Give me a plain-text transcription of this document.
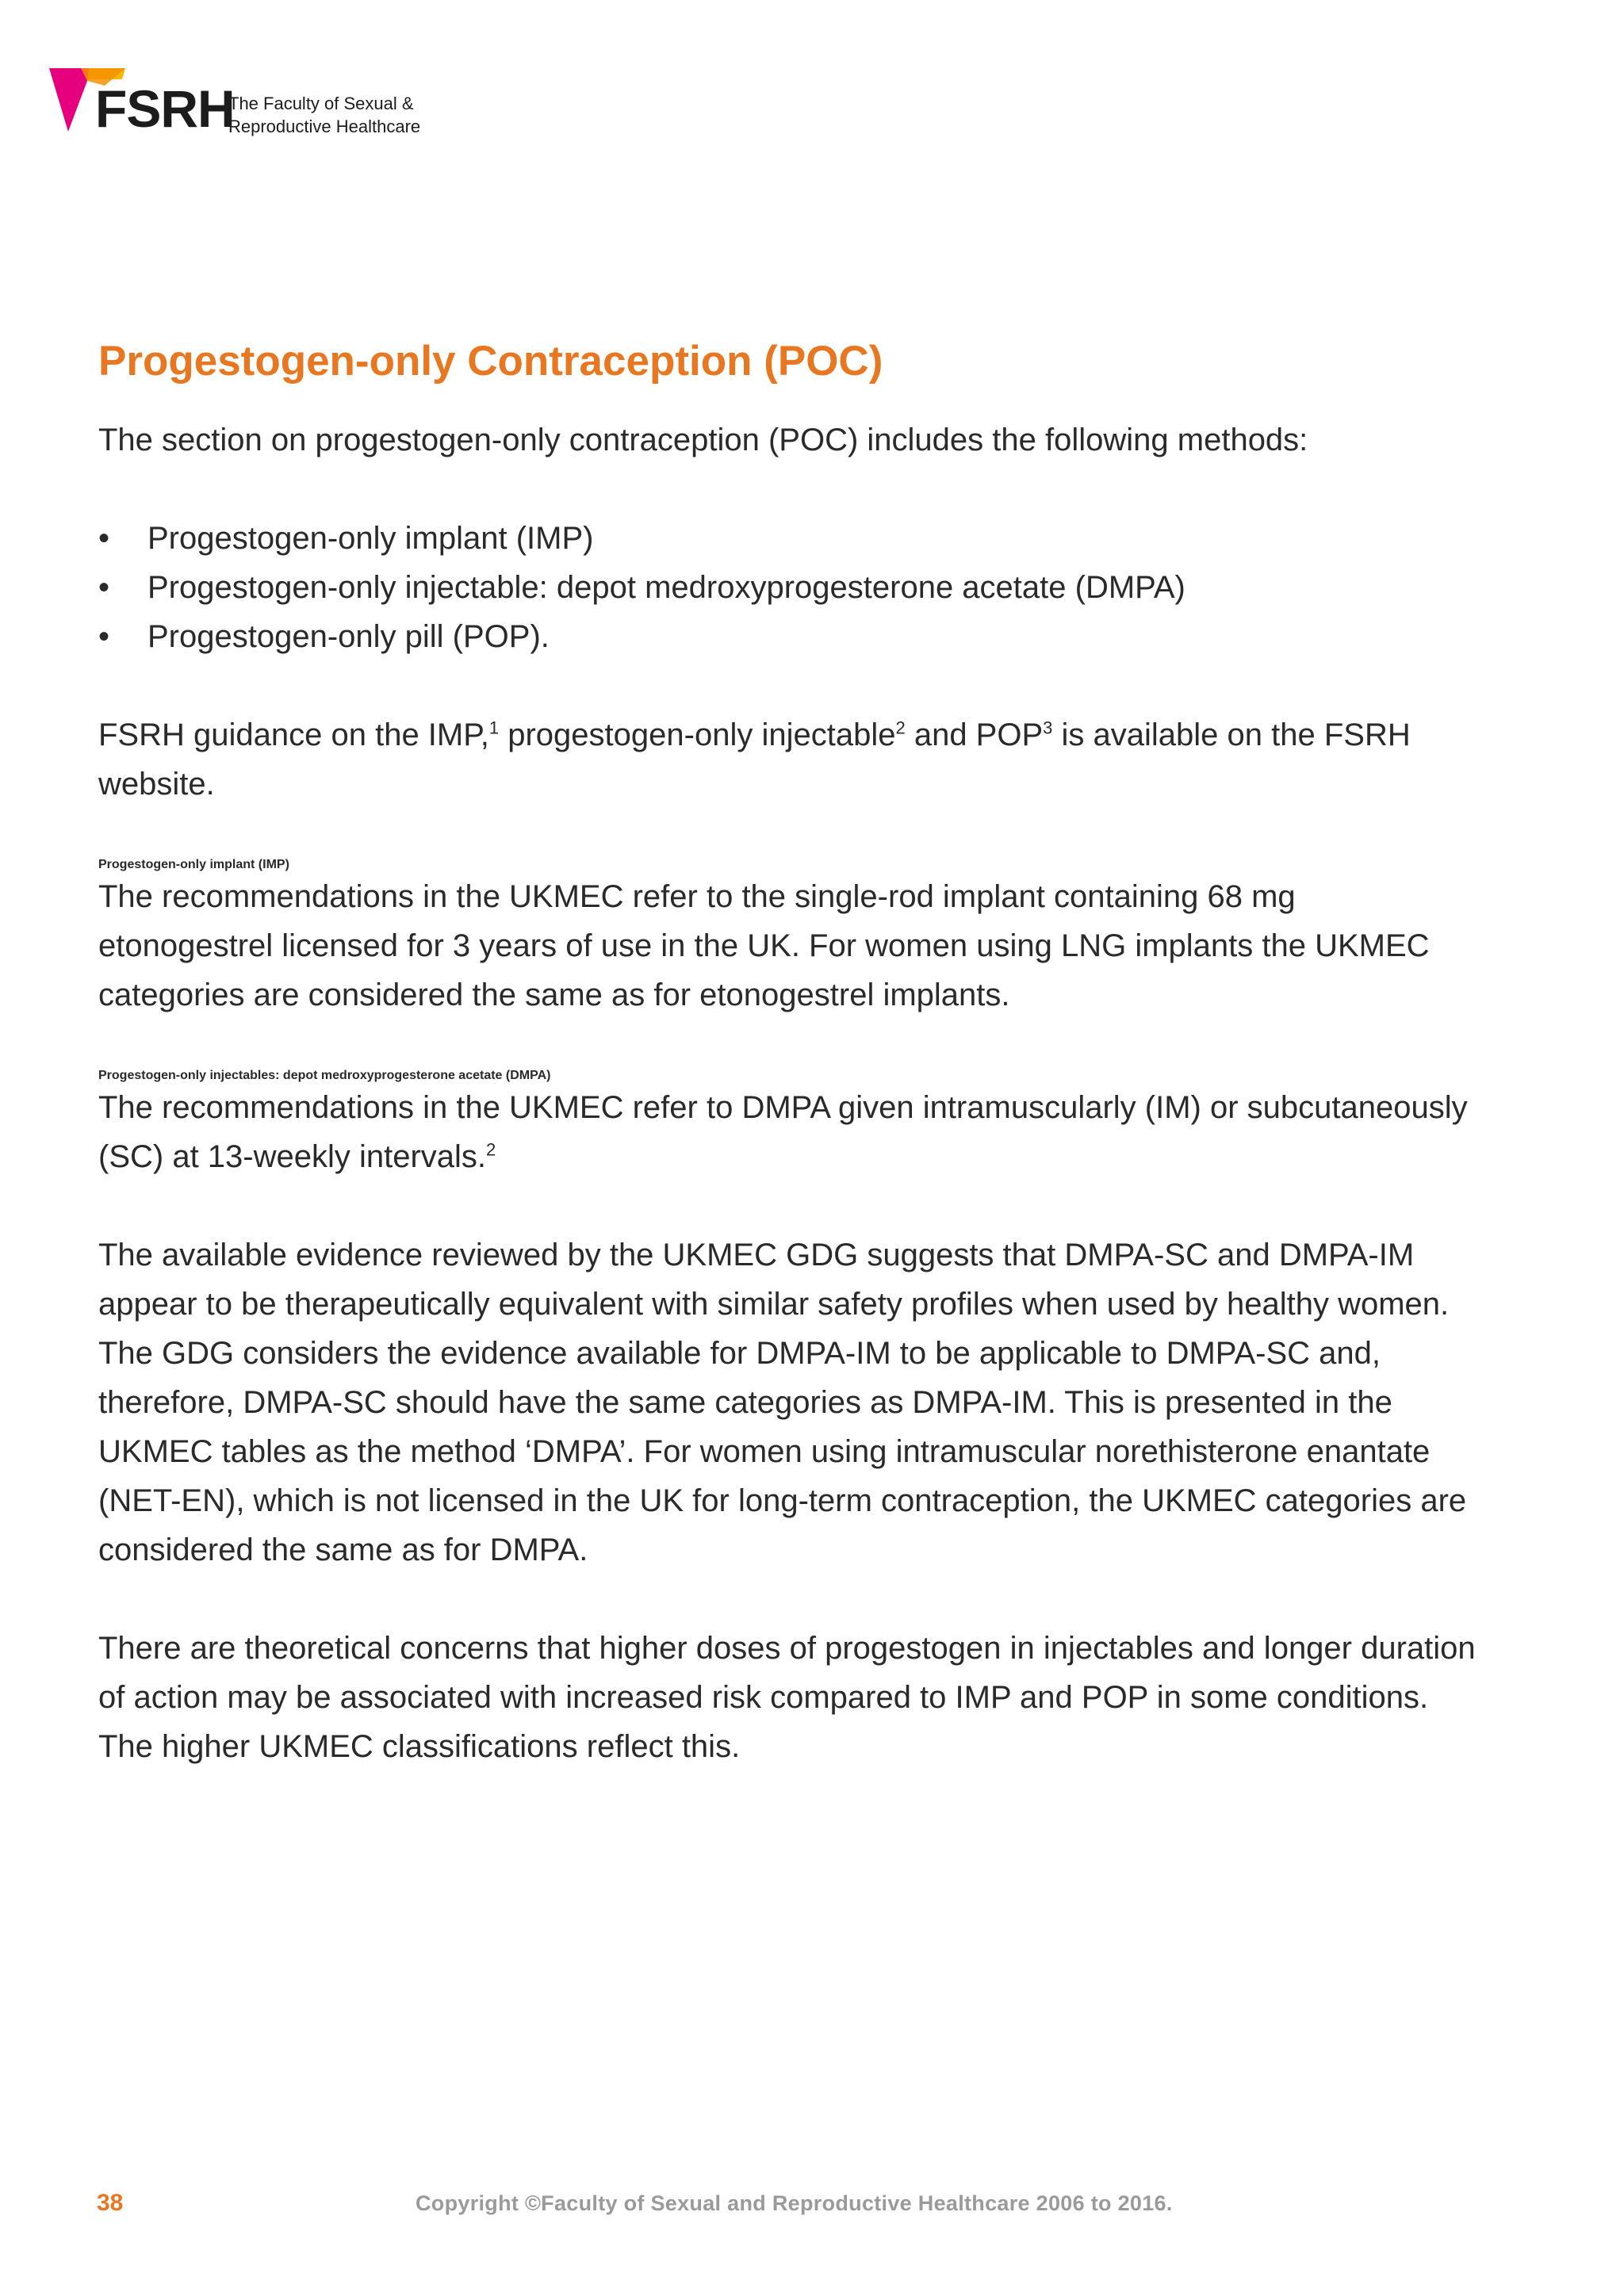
FSRH
The Faculty of Sexual &
Reproductive Healthcare
Progestogen-only Contraception (POC)

The section on progestogen-only contraception (POC) includes the following methods:

• Progestogen-only implant (IMP)
• Progestogen-only injectable: depot medroxyprogesterone acetate (DMPA)
• Progestogen-only pill (POP).

FSRH guidance on the IMP,$^1$ progestogen-only injectable$^2$ and POP$^3$ is available on the FSRH website.

Progestogen-only implant (IMP)

The recommendations in the UKMEC refer to the single-rod implant containing 68 mg etonogestrel licensed for 3 years of use in the UK. For women using LNG implants the UKMEC categories are considered the same as for etonogestrel implants.

Progestogen-only injectables: depot medroxyprogesterone acetate (DMPA)

The recommendations in the UKMEC refer to DMPA given intramuscularly (IM) or subcutaneously (SC) at 13-weekly intervals.$^2$

The available evidence reviewed by the UKMEC GDG suggests that DMPA-SC and DMPA-IM appear to be therapeutically equivalent with similar safety profiles when used by healthy women. The GDG considers the evidence available for DMPA-IM to be applicable to DMPA-SC and, therefore, DMPA-SC should have the same categories as DMPA-IM. This is presented in the UKMEC tables as the method ‘DMPA’. For women using intramuscular norethisterone enantate (NET-EN), which is not licensed in the UK for long-term contraception, the UKMEC categories are considered the same as for DMPA.

There are theoretical concerns that higher doses of progestogen in injectables and longer duration of action may be associated with increased risk compared to IMP and POP in some conditions. The higher UKMEC classifications reflect this.

38	Copyright ©Faculty of Sexual and Reproductive Healthcare 2006 to 2016.
